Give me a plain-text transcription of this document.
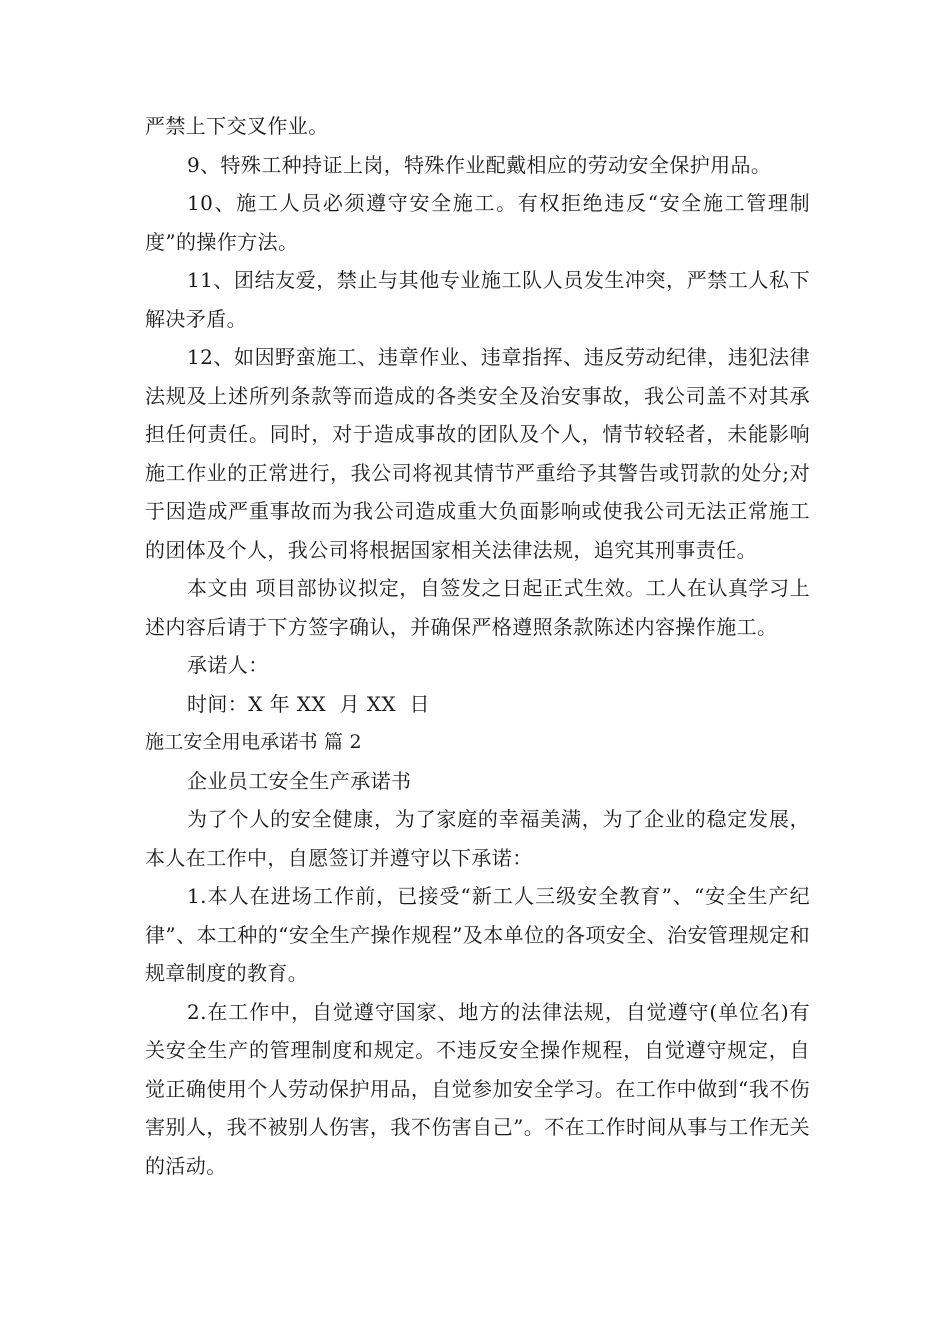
严禁上下交叉作业。

9、特殊工种持证上岗，特殊作业配戴相应的劳动安全保护用品。

10、施工人员必须遵守安全施工。有权拒绝违反“安全施工管理制度”的操作方法。

11、团结友爱，禁止与其他专业施工队人员发生冲突，严禁工人私下解决矛盾。

12、如因野蛮施工、违章作业、违章指挥、违反劳动纪律，违犯法律法规及上述所列条款等而造成的各类安全及治安事故，我公司盖不对其承担任何责任。同时，对于造成事故的团队及个人，情节较轻者，未能影响施工作业的正常进行，我公司将视其情节严重给予其警告或罚款的处分;对于因造成严重事故而为我公司造成重大负面影响或使我公司无法正常施工的团体及个人，我公司将根据国家相关法律法规，追究其刑事责任。

本文由 项目部协议拟定，自签发之日起正式生效。工人在认真学习上述内容后请于下方签字确认，并确保严格遵照条款陈述内容操作施工。

承诺人：

时间：X 年 XX  月 XX  日

施工安全用电承诺书 篇 2

企业员工安全生产承诺书

为了个人的安全健康，为了家庭的幸福美满，为了企业的稳定发展，本人在工作中，自愿签订并遵守以下承诺：

1.本人在进场工作前，已接受“新工人三级安全教育”、“安全生产纪律”、本工种的“安全生产操作规程”及本单位的各项安全、治安管理规定和规章制度的教育。

2.在工作中，自觉遵守国家、地方的法律法规，自觉遵守(单位名)有关安全生产的管理制度和规定。不违反安全操作规程，自觉遵守规定，自觉正确使用个人劳动保护用品，自觉参加安全学习。在工作中做到“我不伤害别人，我不被别人伤害，我不伤害自己”。不在工作时间从事与工作无关的活动。
